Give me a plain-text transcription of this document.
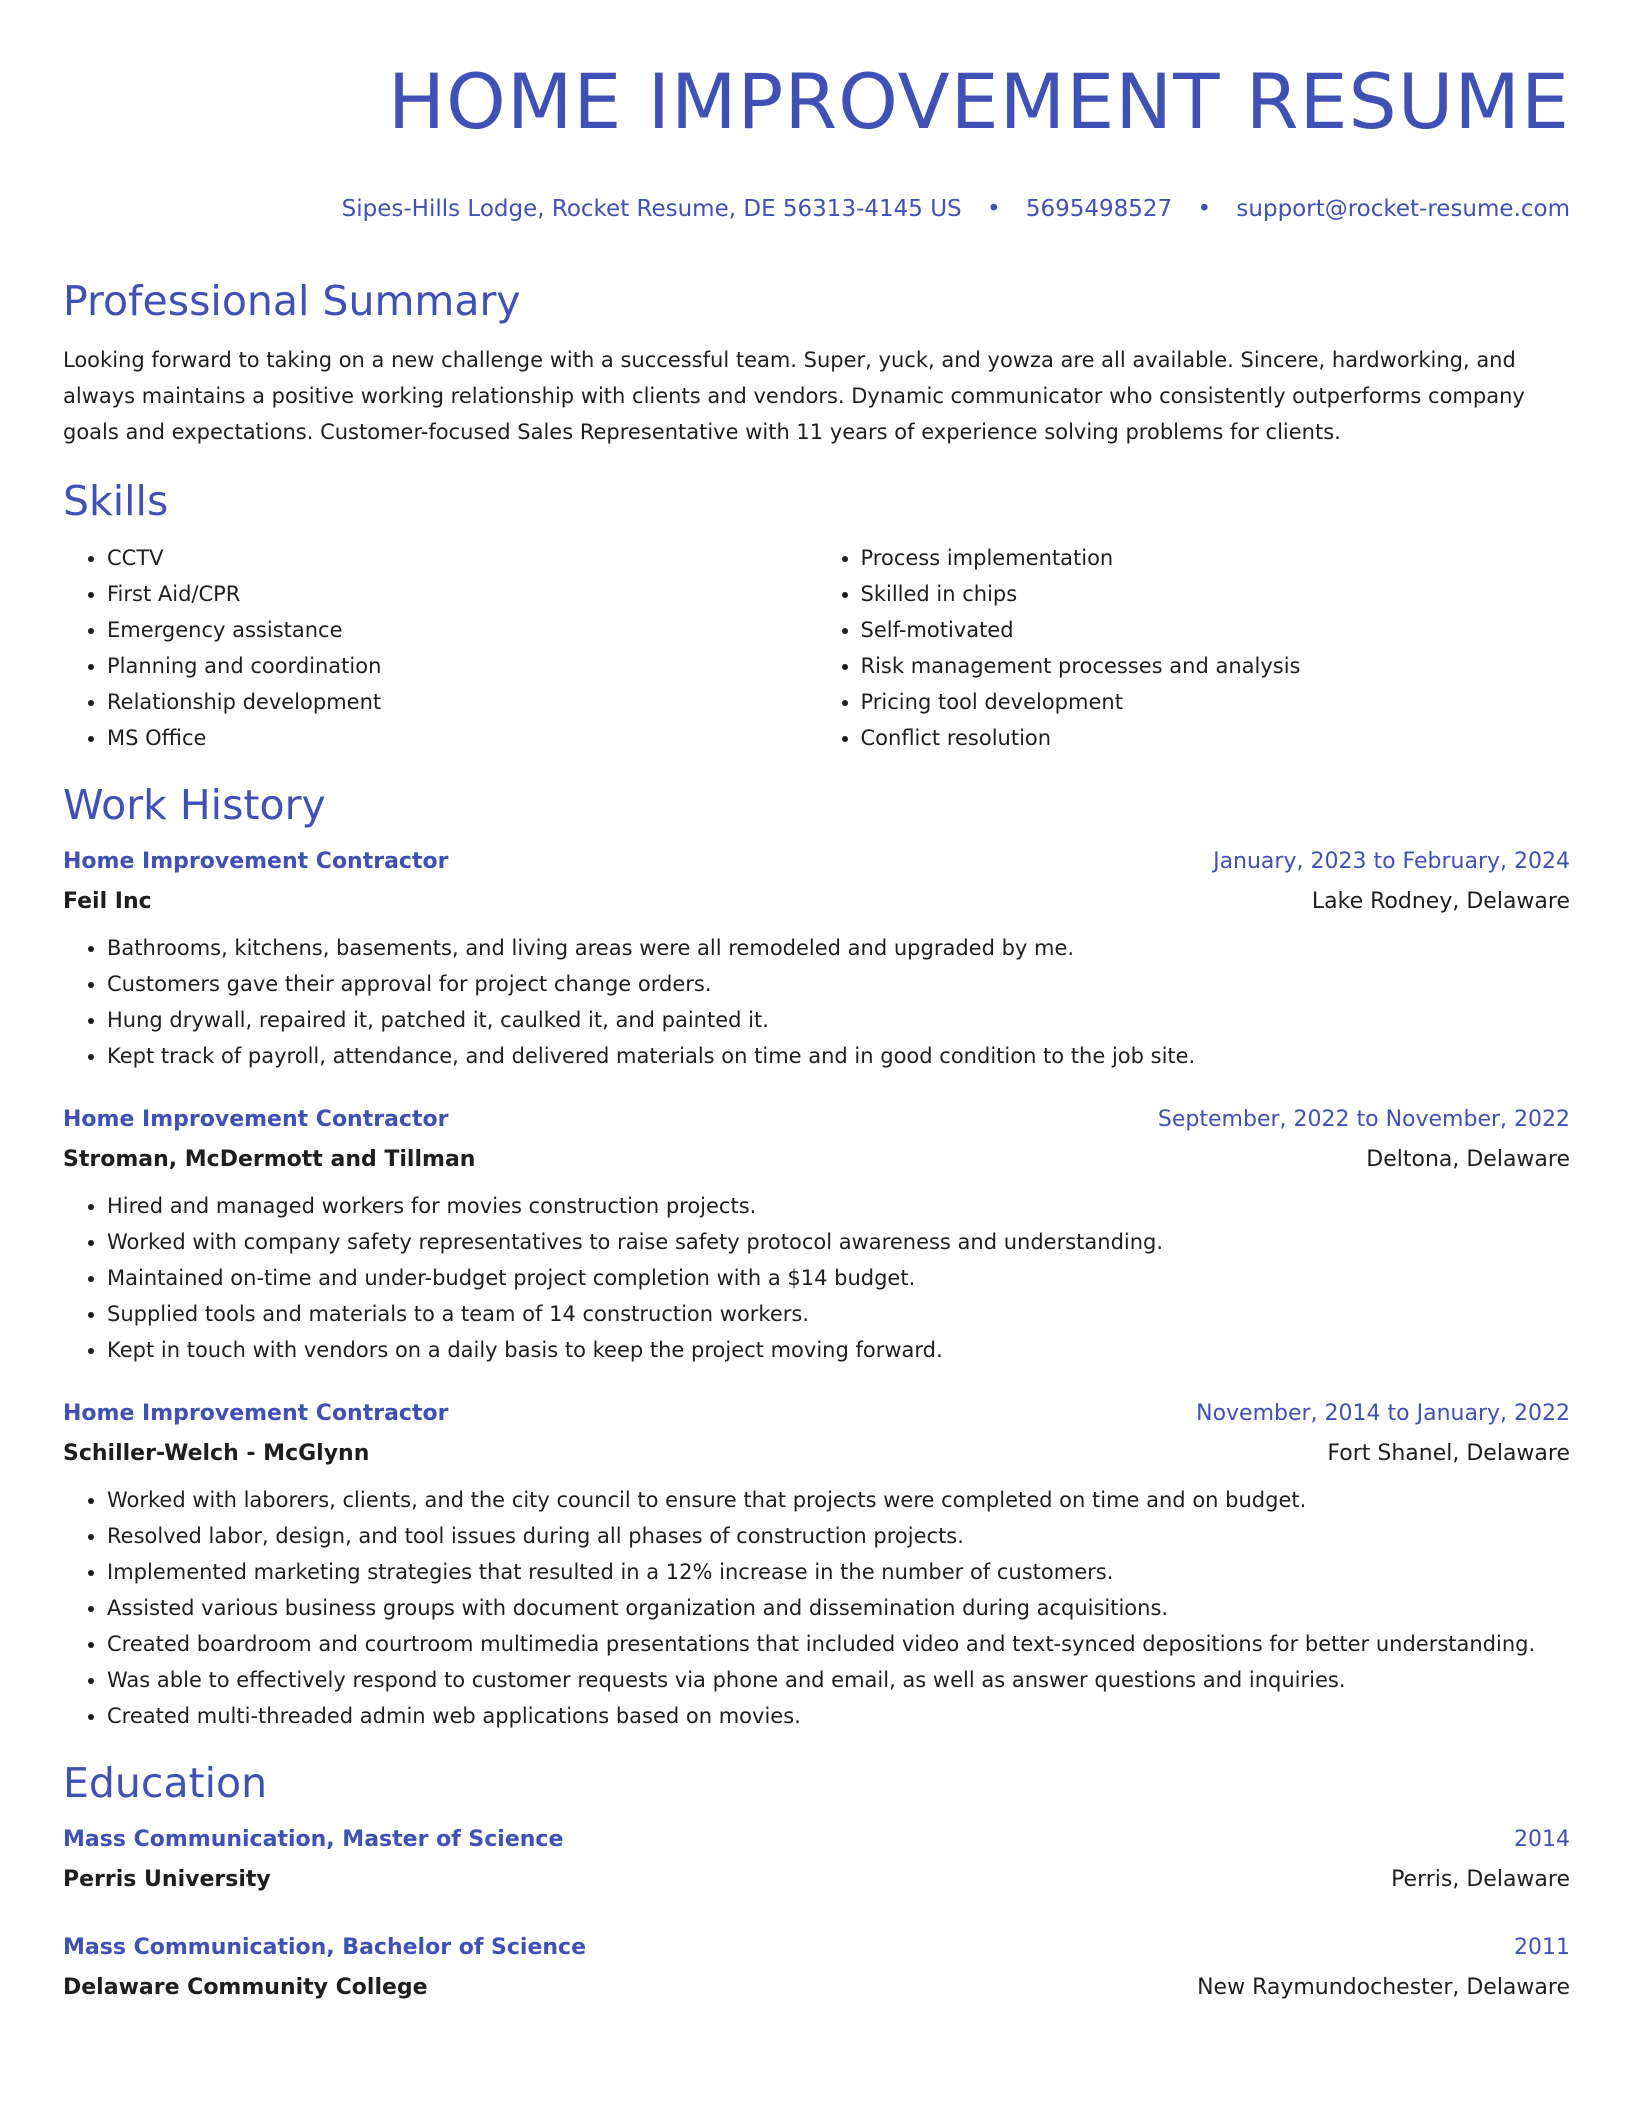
HOME IMPROVEMENT RESUME
Sipes-Hills Lodge, Rocket Resume, DE 56313-4145 US • 5695498527 • support@rocket-resume.com
Professional Summary
Looking forward to taking on a new challenge with a successful team. Super, yuck, and yowza are all available. Sincere, hardworking, and always maintains a positive working relationship with clients and vendors. Dynamic communicator who consistently outperforms company goals and expectations. Customer-focused Sales Representative with 11 years of experience solving problems for clients.
Skills
• CCTV
• First Aid/CPR
• Emergency assistance
• Planning and coordination
• Relationship development
• MS Office
• Process implementation
• Skilled in chips
• Self-motivated
• Risk management processes and analysis
• Pricing tool development
• Conflict resolution
Work History
Home Improvement Contractor	January, 2023 to February, 2024
Feil Inc	Lake Rodney, Delaware
• Bathrooms, kitchens, basements, and living areas were all remodeled and upgraded by me.
• Customers gave their approval for project change orders.
• Hung drywall, repaired it, patched it, caulked it, and painted it.
• Kept track of payroll, attendance, and delivered materials on time and in good condition to the job site.
Home Improvement Contractor	September, 2022 to November, 2022
Stroman, McDermott and Tillman	Deltona, Delaware
• Hired and managed workers for movies construction projects.
• Worked with company safety representatives to raise safety protocol awareness and understanding.
• Maintained on-time and under-budget project completion with a $14 budget.
• Supplied tools and materials to a team of 14 construction workers.
• Kept in touch with vendors on a daily basis to keep the project moving forward.
Home Improvement Contractor	November, 2014 to January, 2022
Schiller-Welch - McGlynn	Fort Shanel, Delaware
• Worked with laborers, clients, and the city council to ensure that projects were completed on time and on budget.
• Resolved labor, design, and tool issues during all phases of construction projects.
• Implemented marketing strategies that resulted in a 12% increase in the number of customers.
• Assisted various business groups with document organization and dissemination during acquisitions.
• Created boardroom and courtroom multimedia presentations that included video and text-synced depositions for better understanding.
• Was able to effectively respond to customer requests via phone and email, as well as answer questions and inquiries.
• Created multi-threaded admin web applications based on movies.
Education
Mass Communication, Master of Science	2014
Perris University	Perris, Delaware
Mass Communication, Bachelor of Science	2011
Delaware Community College	New Raymundochester, Delaware
